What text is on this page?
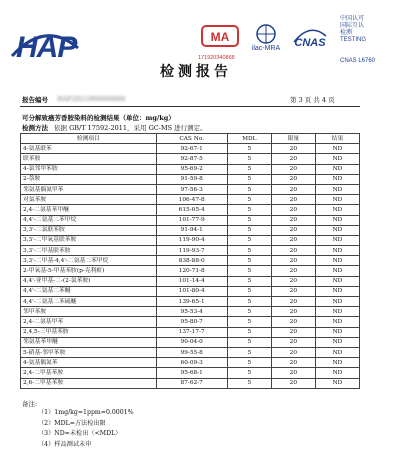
HAP	MA
ilac-MRA CNAS
中国认可
国际互认
检测
TESTING
CNAS L6760
171920340868
检测报告
报告编号 HAP2021000000000	第 3 页 共 4 页
可分解致癌芳香胺染料的检测结果（单位：mg/kg）
检测方法 依据 GB/T 17592-2011，采用 GC-MS 进行测定。
检测项目	CAS No.	MDL	限量	结果
4-氨基联苯	92-67-1	5	20	ND
联苯胺	92-87-5	5	20	ND
4-氯邻甲苯胺	95-69-2	5	20	ND
2-萘胺	91-59-8	5	20	ND
邻氨基偶氮甲苯	97-56-3	5	20	ND
对氯苯胺	106-47-8	5	20	ND
2,4-二氨基苯甲醚	615-05-4	5	20	ND
4,4'-二氨基二苯甲烷	101-77-9	5	20	ND
3,3'-二氯联苯胺	91-94-1	5	20	ND
3,3'-二甲氧基联苯胺	119-90-4	5	20	ND
3,3'-二甲基联苯胺	119-93-7	5	20	ND
3,3'-二甲基-4,4'-二氨基二苯甲烷	838-88-0	5	20	ND
2-甲氧基-5-甲基苯胺(p-克利酊)	120-71-8	5	20	ND
4,4'-亚甲基-二-(2-氯苯胺)	101-14-4	5	20	ND
4,4'-二氨基二苯醚	101-80-4	5	20	ND
4,4'-二氨基二苯硫醚	139-65-1	5	20	ND
邻甲苯胺	95-53-4	5	20	ND
2,4-二氨基甲苯	95-80-7	5	20	ND
2,4,5-三甲基苯胺	137-17-7	5	20	ND
邻氨基苯甲醚	90-04-0	5	20	ND
5-硝基-邻甲苯胺	99-55-8	5	20	ND
4-氨基偶氮苯	60-09-3	5	20	ND
2,4-二甲基苯胺	95-68-1	5	20	ND
2,6-二甲基苯胺	87-62-7	5	20	ND
备注:
（1）1mg/kg=1ppm=0.0001%
（2）MDL=方法检出限
（3）ND=未检出（<MDL）
（4）样品测试未申
